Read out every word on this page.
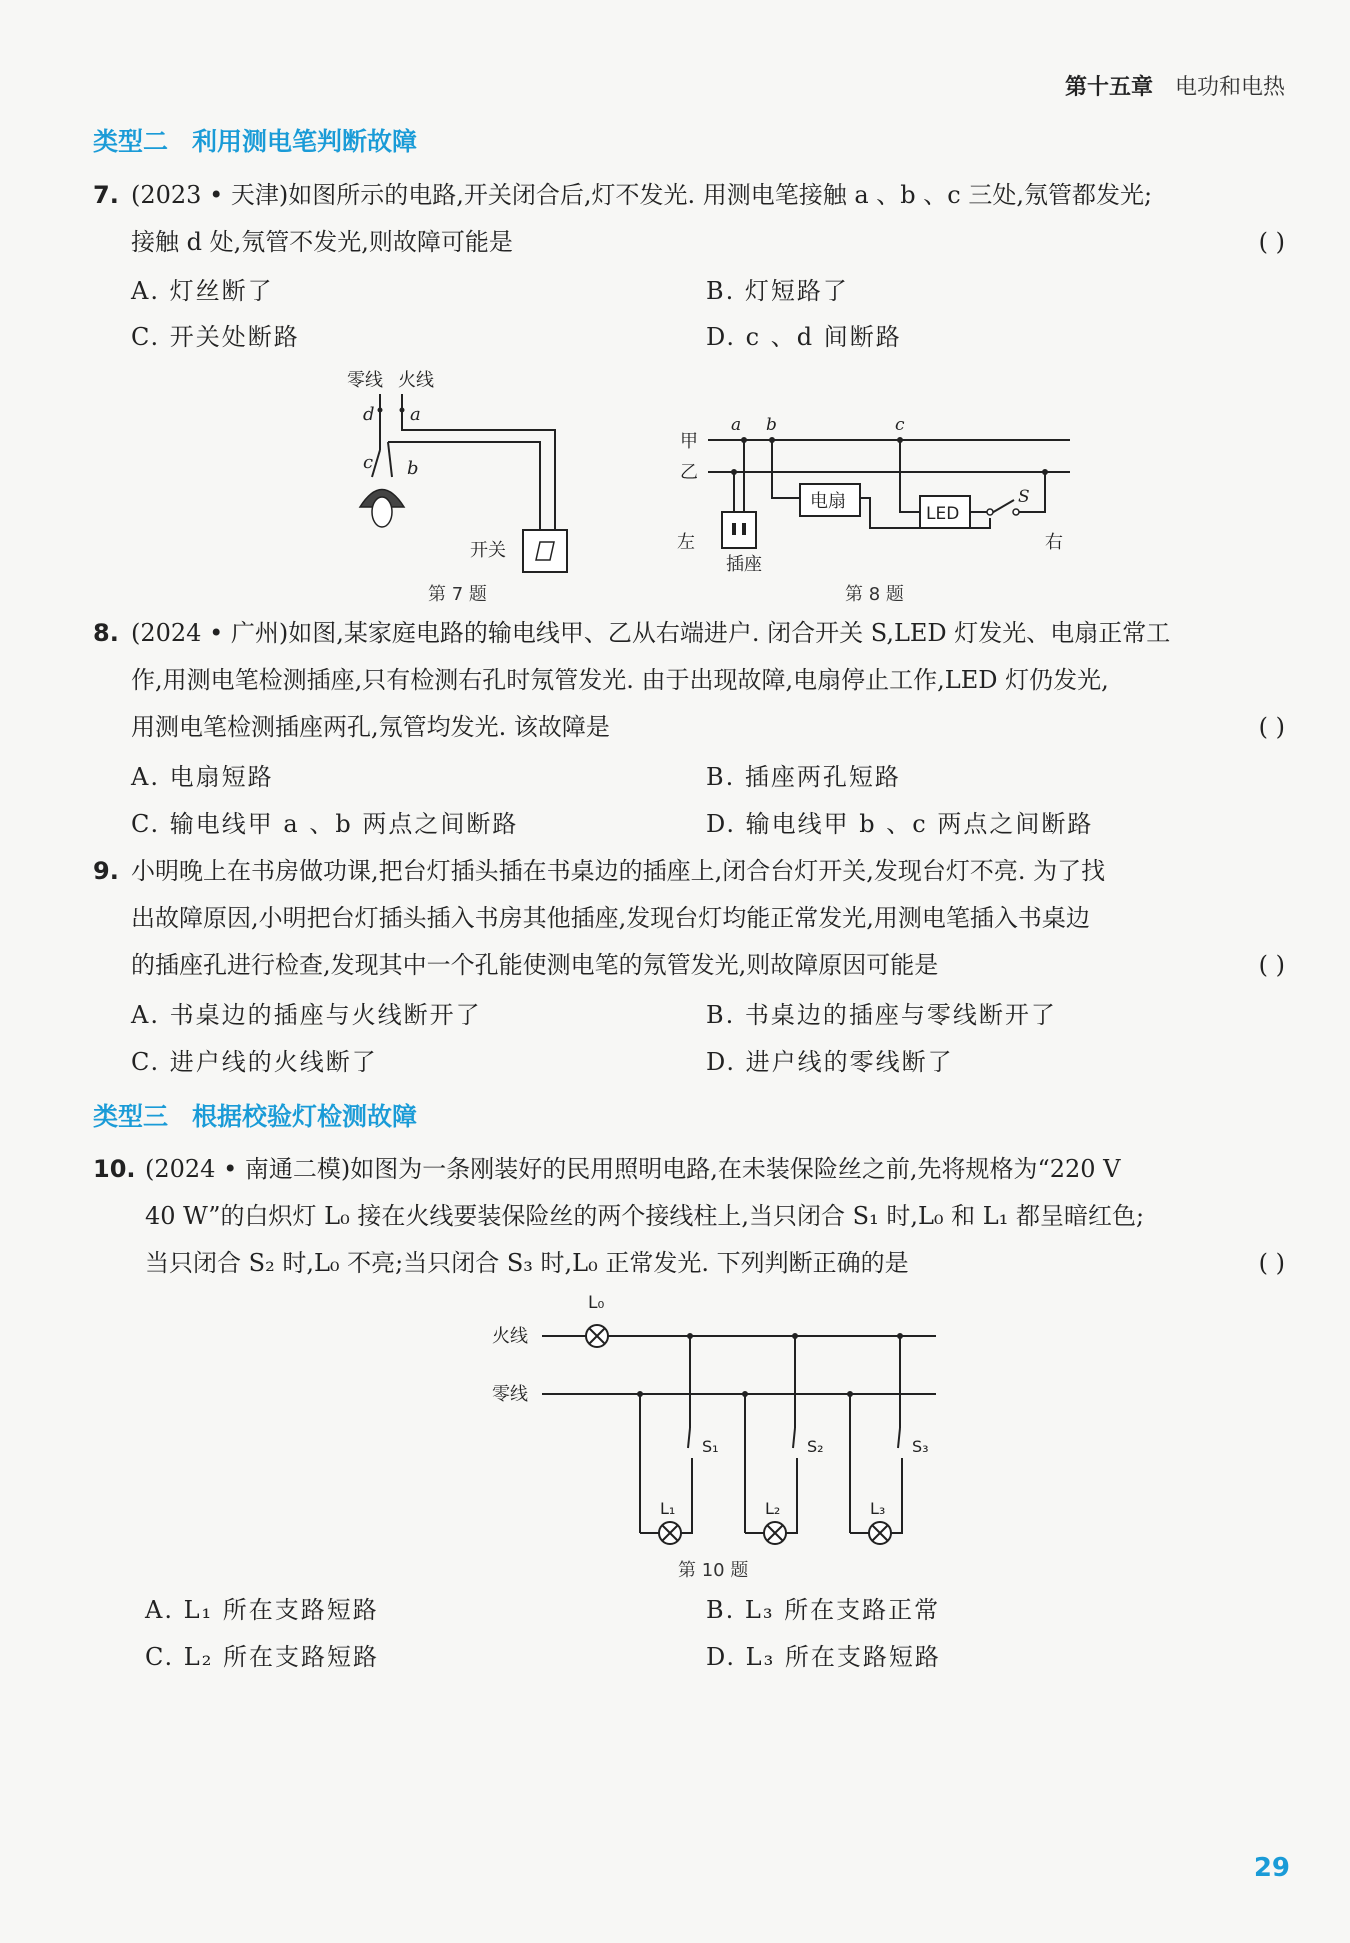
第十五章 电功和电热
类型二 利用测电笔判断故障
7. (2023 • 天津)如图所示的电路,开关闭合后,灯不发光. 用测电笔接触 a 、b 、c 三处,氖管都发光;
接触 d 处,氖管不发光,则故障可能是	( )
A. 灯丝断了	B. 灯短路了
C. 开关处断路	D. c 、d 间断路
零线 火线
d a
c b
开关
甲
乙
左	右
a b	c
插座
电扇
LED
S
第 7 题	第 8 题
8. (2024 • 广州)如图,某家庭电路的输电线甲、乙从右端进户. 闭合开关 S,LED 灯发光、电扇正常工
作,用测电笔检测插座,只有检测右孔时氖管发光. 由于出现故障,电扇停止工作,LED 灯仍发光,
用测电笔检测插座两孔,氖管均发光. 该故障是	( )
A. 电扇短路	B. 插座两孔短路
C. 输电线甲 a 、b 两点之间断路	D. 输电线甲 b 、c 两点之间断路
9. 小明晚上在书房做功课,把台灯插头插在书桌边的插座上,闭合台灯开关,发现台灯不亮. 为了找
出故障原因,小明把台灯插头插入书房其他插座,发现台灯均能正常发光,用测电笔插入书桌边
的插座孔进行检查,发现其中一个孔能使测电笔的氖管发光,则故障原因可能是	( )
A. 书桌边的插座与火线断开了	B. 书桌边的插座与零线断开了
C. 进户线的火线断了	D. 进户线的零线断了
类型三 根据校验灯检测故障
10. (2024 • 南通二模)如图为一条刚装好的民用照明电路,在未装保险丝之前,先将规格为“220 V
40 W”的白炽灯 L₀ 接在火线要装保险丝的两个接线柱上,当只闭合 S₁ 时,L₀ 和 L₁ 都呈暗红色;
当只闭合 S₂ 时,L₀ 不亮;当只闭合 S₃ 时,L₀ 正常发光. 下列判断正确的是	( )
火线
零线
L₀
S₁	S₂	S₃
L₁	L₂	L₃
第 10 题
A. L₁ 所在支路短路	B. L₃ 所在支路正常
C. L₂ 所在支路短路	D. L₃ 所在支路短路
29
